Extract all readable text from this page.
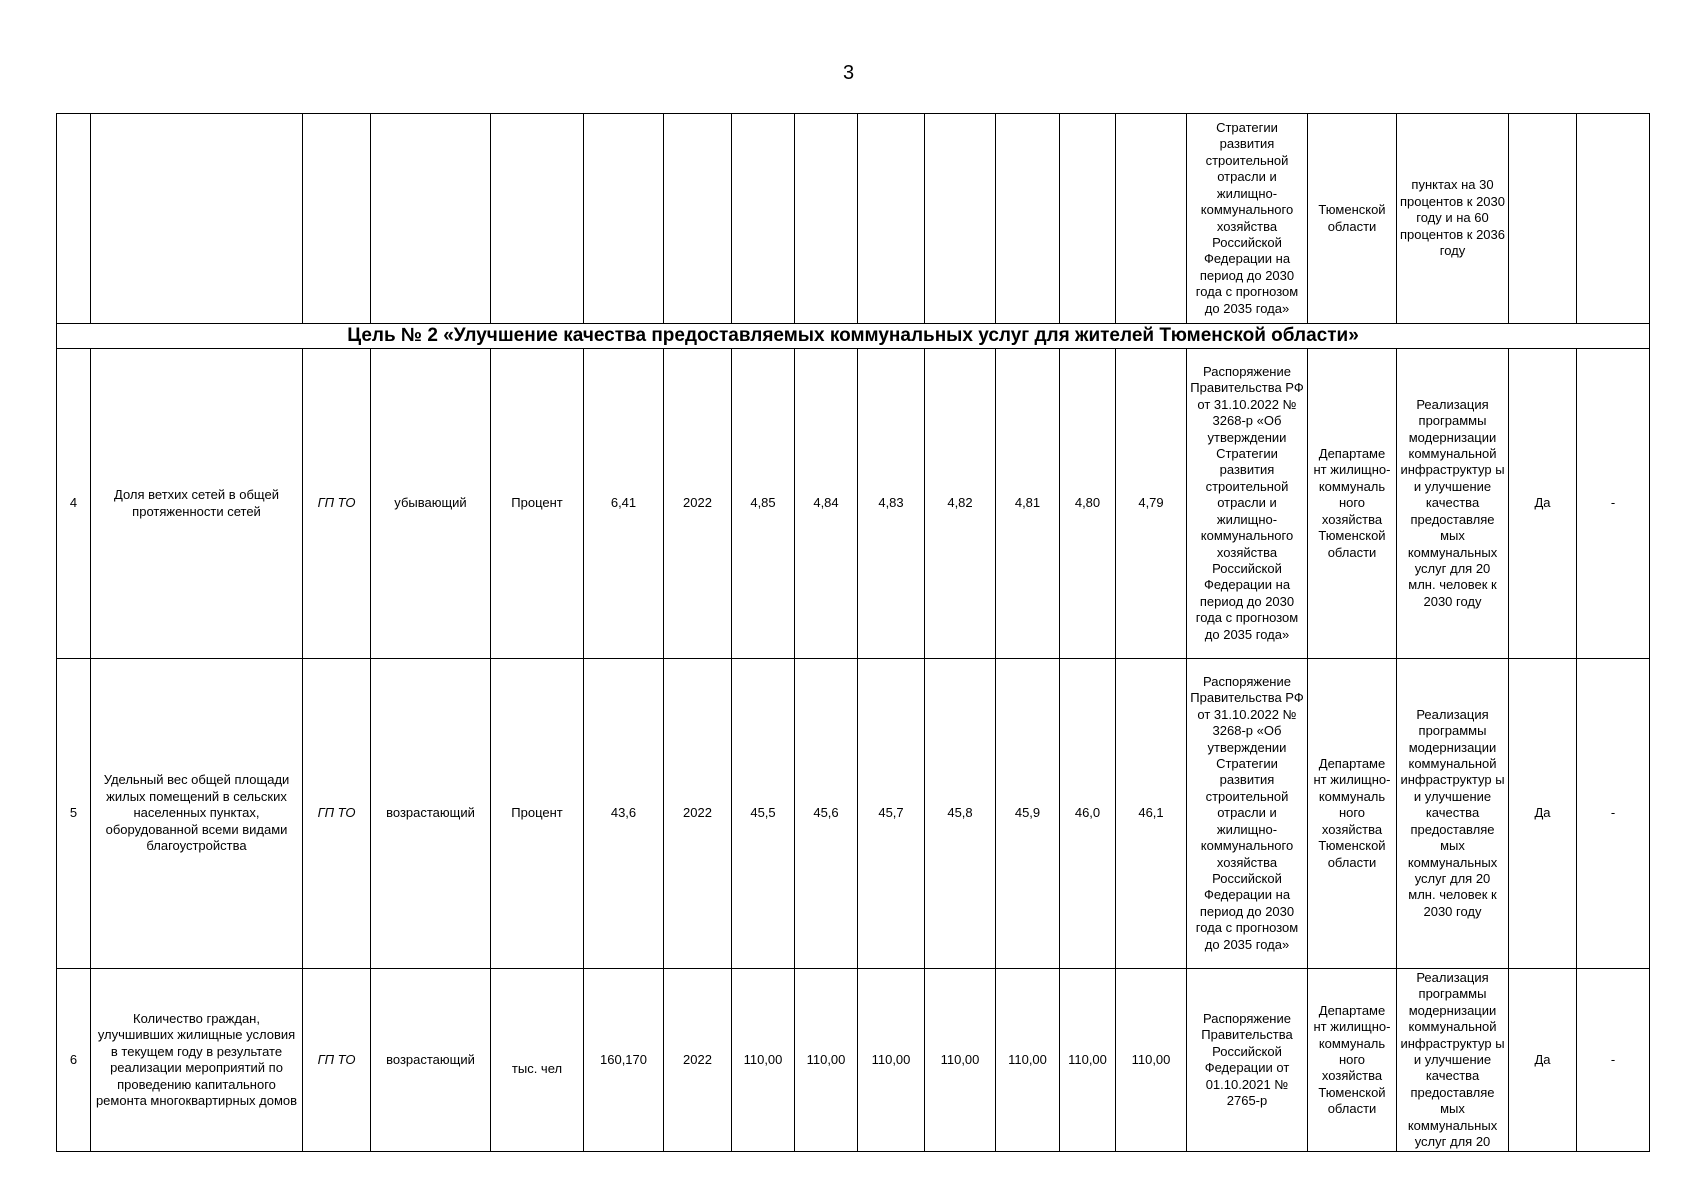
3
														Стратегии развития строительной отрасли и жилищно-коммунального хозяйства Российской Федерации на период до 2030 года с прогнозом до 2035 года»	Тюменской области	пунктах на 30 процентов к 2030 году и на 60 процентов к 2036 году		
Цель № 2 «Улучшение качества предоставляемых коммунальных услуг для жителей Тюменской области»																		
4	Доля ветхих сетей в общей протяженности сетей	ГП ТО	убывающий	Процент	6,41	2022	4,85	4,84	4,83	4,82	4,81	4,80	4,79	Распоряжение Правительства РФ от 31.10.2022 № 3268-р «Об утверждении Стратегии развития строительной отрасли и жилищно-коммунального хозяйства Российской Федерации на период до 2030 года с прогнозом до 2035 года»	Департаме нт жилищно-коммуналь ного хозяйства Тюменской области	Реализация программы модернизации коммунальной инфраструктур ы и улучшение качества предоставляе мых коммунальных услуг для 20 млн. человек к 2030 году	Да	-
5	Удельный вес общей площади жилых помещений в сельских населенных пунктах, оборудованной всеми видами благоустройства	ГП ТО	возрастающий	Процент	43,6	2022	45,5	45,6	45,7	45,8	45,9	46,0	46,1	Распоряжение Правительства РФ от 31.10.2022 № 3268-р «Об утверждении Стратегии развития строительной отрасли и жилищно-коммунального хозяйства Российской Федерации на период до 2030 года с прогнозом до 2035 года»	Департаме нт жилищно-коммуналь ного хозяйства Тюменской области	Реализация программы модернизации коммунальной инфраструктур ы и улучшение качества предоставляе мых коммунальных услуг для 20 млн. человек к 2030 году	Да	-
6	Количество граждан, улучшивших жилищные условия в текущем году в результате реализации мероприятий по проведению капитального ремонта многоквартирных домов	ГП ТО	возрастающий	тыс. чел	160,170	2022	110,00	110,00	110,00	110,00	110,00	110,00	110,00	Распоряжение Правительства Российской Федерации от 01.10.2021 № 2765-р	Департаме нт жилищно-коммуналь ного хозяйства Тюменской области	Реализация программы модернизации коммунальной инфраструктур ы и улучшение качества предоставляе мых коммунальных услуг для 20	Да	-
